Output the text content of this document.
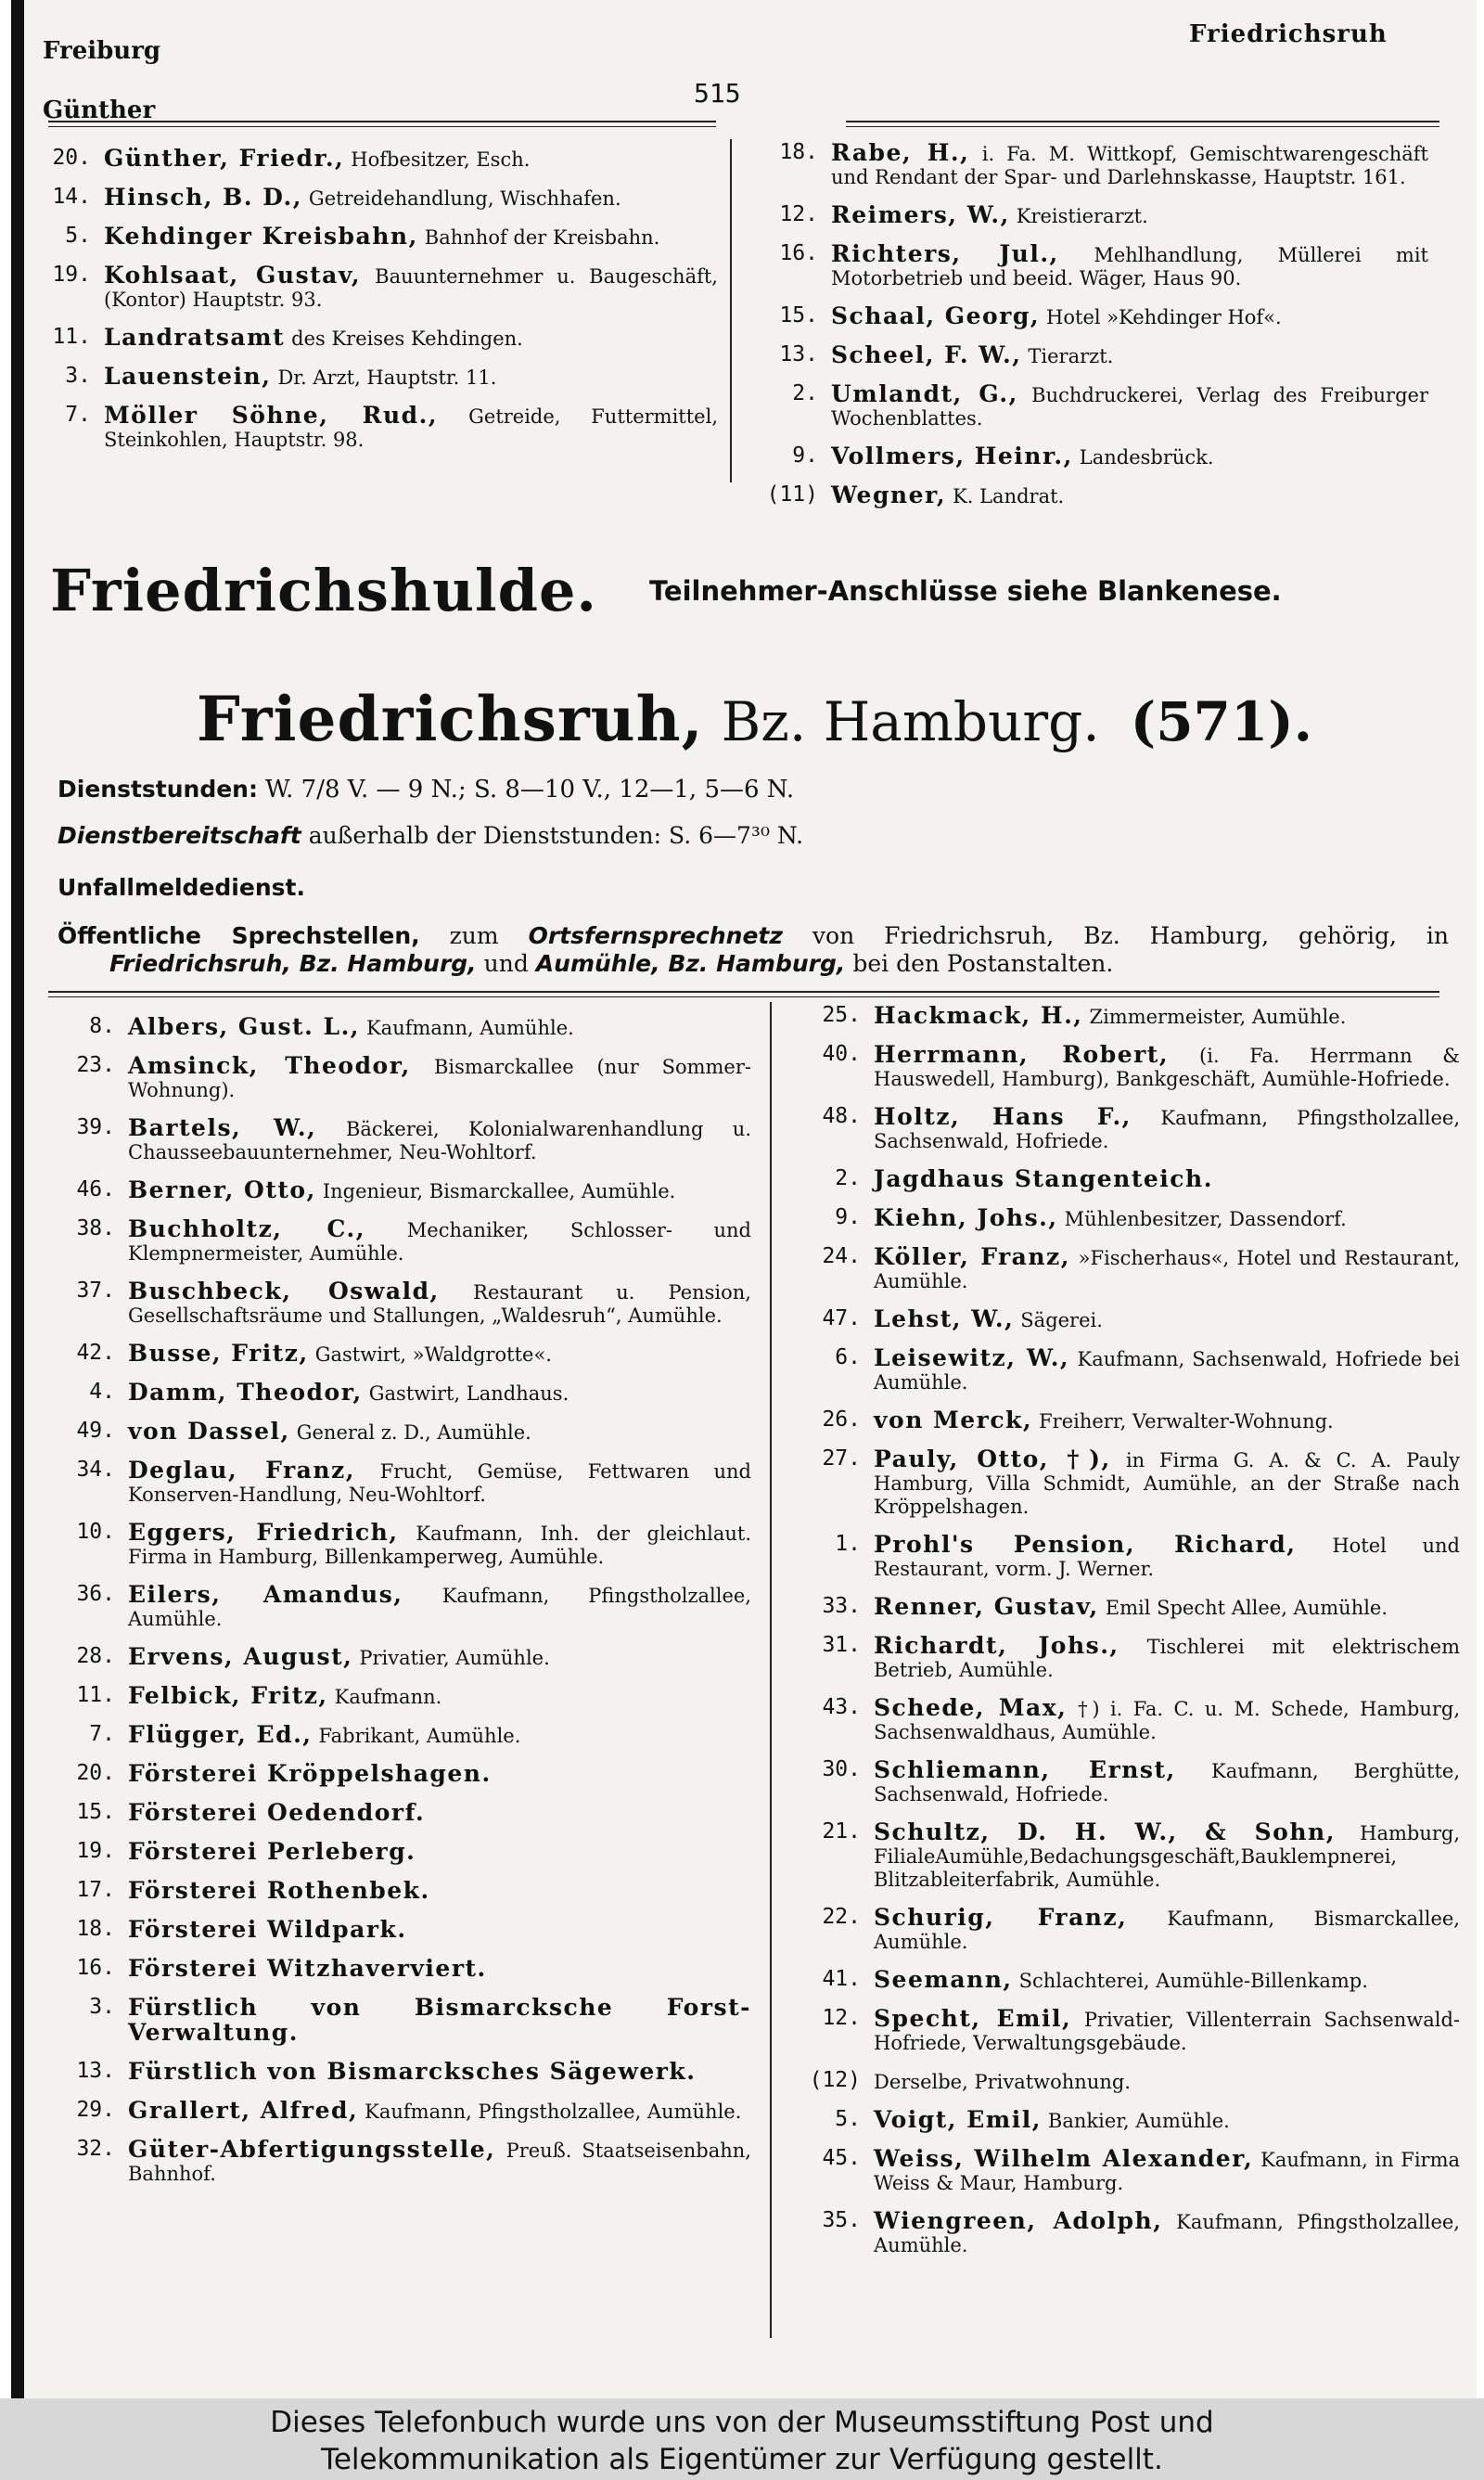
Freiburg
Günther
515
Friedrichsruh
20. Günther, Friedr., Hofbesitzer, Esch.
14. Hinsch, B. D., Getreidehandlung, Wischhafen.
5. Kehdinger Kreisbahn, Bahnhof der Kreisbahn.
19. Kohlsaat, Gustav, Bauunternehmer u. Baugeschäft, (Kontor) Hauptstr. 93.
11. Landratsamt des Kreises Kehdingen.
3. Lauenstein, Dr. Arzt, Hauptstr. 11.
7. Möller Söhne, Rud., Getreide, Futtermittel, Steinkohlen, Hauptstr. 98.
18. Rabe, H., i. Fa. M. Wittkopf, Gemischtwarengeschäft und Rendant der Spar- und Darlehnskasse, Hauptstr. 161.
12. Reimers, W., Kreistierarzt.
16. Richters, Jul., Mehlhandlung, Müllerei mit Motorbetrieb und beeid. Wäger, Haus 90.
15. Schaal, Georg, Hotel »Kehdinger Hof«.
13. Scheel, F. W., Tierarzt.
2. Umlandt, G., Buchdruckerei, Verlag des Freiburger Wochenblattes.
9. Vollmers, Heinr., Landesbrück.
(11) Wegner, K. Landrat.
Friedrichshulde. Teilnehmer-Anschlüsse siehe Blankenese.
Friedrichsruh, Bz. Hamburg. (571).
Dienststunden: W. 7/8 V. — 9 N.; S. 8—10 V., 12—1, 5—6 N.
Dienstbereitschaft außerhalb der Dienststunden: S. 6—7³⁰ N.
Unfallmeldedienst.
Öffentliche Sprechstellen, zum Ortsfernsprechnetz von Friedrichsruh, Bz. Hamburg, gehörig, in Friedrichsruh, Bz. Hamburg, und Aumühle, Bz. Hamburg, bei den Postanstalten.
8. Albers, Gust. L., Kaufmann, Aumühle.
23. Amsinck, Theodor, Bismarckallee (nur Sommer-Wohnung).
39. Bartels, W., Bäckerei, Kolonialwarenhandlung u. Chausseebauunternehmer, Neu-Wohltorf.
46. Berner, Otto, Ingenieur, Bismarckallee, Aumühle.
38. Buchholtz, C., Mechaniker, Schlosser- und Klempnermeister, Aumühle.
37. Buschbeck, Oswald, Restaurant u. Pension, Gesellschaftsräume und Stallungen, „Waldesruh“, Aumühle.
42. Busse, Fritz, Gastwirt, »Waldgrotte«.
4. Damm, Theodor, Gastwirt, Landhaus.
49. von Dassel, General z. D., Aumühle.
34. Deglau, Franz, Frucht, Gemüse, Fettwaren und Konserven-Handlung, Neu-Wohltorf.
10. Eggers, Friedrich, Kaufmann, Inh. der gleichlaut. Firma in Hamburg, Billenkamperweg, Aumühle.
36. Eilers, Amandus, Kaufmann, Pfingstholzallee, Aumühle.
28. Ervens, August, Privatier, Aumühle.
11. Felbick, Fritz, Kaufmann.
7. Flügger, Ed., Fabrikant, Aumühle.
20. Försterei Kröppelshagen.
15. Försterei Oedendorf.
19. Försterei Perleberg.
17. Försterei Rothenbek.
18. Försterei Wildpark.
16. Försterei Witzhaverviert.
3. Fürstlich von Bismarcksche Forst-Verwaltung.
13. Fürstlich von Bismarcksches Sägewerk.
29. Grallert, Alfred, Kaufmann, Pfingstholzallee, Aumühle.
32. Güter-Abfertigungsstelle, Preuß. Staatseisenbahn, Bahnhof.
25. Hackmack, H., Zimmermeister, Aumühle.
40. Herrmann, Robert, (i. Fa. Herrmann & Hauswedell, Hamburg), Bankgeschäft, Aumühle-Hofriede.
48. Holtz, Hans F., Kaufmann, Pfingstholzallee, Sachsenwald, Hofriede.
2. Jagdhaus Stangenteich.
9. Kiehn, Johs., Mühlenbesitzer, Dassendorf.
24. Köller, Franz, »Fischerhaus«, Hotel und Restaurant, Aumühle.
47. Lehst, W., Sägerei.
6. Leisewitz, W., Kaufmann, Sachsenwald, Hofriede bei Aumühle.
26. von Merck, Freiherr, Verwalter-Wohnung.
27. Pauly, Otto, †), in Firma G. A. & C. A. Pauly Hamburg, Villa Schmidt, Aumühle, an der Straße nach Kröppelshagen.
1. Prohl's Pension, Richard, Hotel und Restaurant, vorm. J. Werner.
33. Renner, Gustav, Emil Specht Allee, Aumühle.
31. Richardt, Johs., Tischlerei mit elektrischem Betrieb, Aumühle.
43. Schede, Max, †) i. Fa. C. u. M. Schede, Hamburg, Sachsenwaldhaus, Aumühle.
30. Schliemann, Ernst, Kaufmann, Berghütte, Sachsenwald, Hofriede.
21. Schultz, D. H. W., & Sohn, Hamburg, FilialeAumühle,Bedachungsgeschäft,Bauklempnerei, Blitzableiterfabrik, Aumühle.
22. Schurig, Franz, Kaufmann, Bismarckallee, Aumühle.
41. Seemann, Schlachterei, Aumühle-Billenkamp.
12. Specht, Emil, Privatier, Villenterrain Sachsenwald-Hofriede, Verwaltungsgebäude.
(12) Derselbe, Privatwohnung.
5. Voigt, Emil, Bankier, Aumühle.
45. Weiss, Wilhelm Alexander, Kaufmann, in Firma Weiss & Maur, Hamburg.
35. Wiengreen, Adolph, Kaufmann, Pfingstholzallee, Aumühle.
Dieses Telefonbuch wurde uns von der Museumsstiftung Post und
Telekommunikation als Eigentümer zur Verfügung gestellt.
